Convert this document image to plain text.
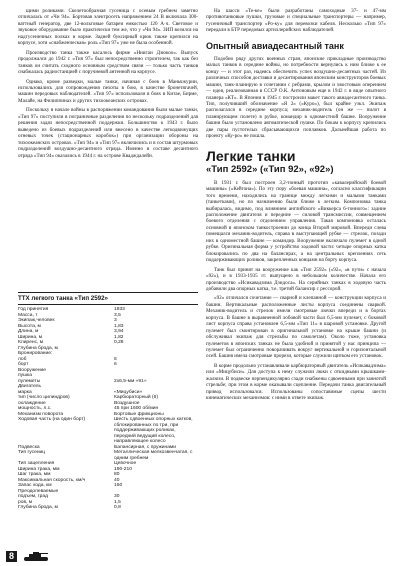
щими роликами. Скелетообразная гусеница с осевым гребнем заметно отличалась от «Чи 94». Бортовая электросеть напряжением 24 В включала 300-ваттный генератор, две 12-вольтовые батареи емкостью 120 А·ч. Световое и звуковое оборудование было практически тем же, что у «Чи 94». ЗИП возился на надгусеничных полках и корме. Задней буксирный крюк также крепился на корпусе, хотя «снабженческая» роль «Тип 97» уже не была особенной.

Производство танка также касалось фирме «Ниигаи Дзюкоо». Выпуск продолжался до 1942 г. «Тип 97» был непосредственно строителем, так как без танков он считать сходного основным средством связи — только часть танков снабжалась радиостанцией с поручневой антенной на корпусе.

Однако, кроме разведки, малые танки, начиная с боев в Маньчжурии, использовались для сопровождения пехоты в бою, в качестве бронетягачей, машин передовых наблюдателей. «Тип 97» использовали в боях в Китае, Бирме, Малайе, на Филиппинах и других тихоокеанских островах.

Поскольку в начале войны в распоряжении командования были малые танки, «Тип 97» поступили в пограничные разделения по нескольку подразделений для решения задач непосредственной поддержки. Большинство к 1943 г. было выведено из боевых подразделений или внесено в качестве легкодвижущих огневых точек (стационарных коробок») при организации обороны на тихоокеанских островах. «Тип 94» и «Тип 97» включились и в состав штурмовых подразделений воздушно-десантного отряда. Именно в составе десантного отряда «Тип 94» оказались в 1944 г. на острове Квадждалейн.

ТТХ легкого танка «Тип 2592»
Год принятия	1933
Масса, т	3,5
Экипаж,человек	3
Высота, м	1,83
Длина, м	3,94
Ширина, м	1,82
Клиренс, м	0,28
Глубина брода, м	
Бронирование:	
лоб	6
борт	6
Вооружение	
пушка	
пулеметы	2х6,5-мм «91»
Двигатель	
марка	«Мицубиси»
тип (число цилиндров)	Карбюраторный (6)
охлаждение	Воздушное
мощность, л.с.	45 при 1600 об/мин
Механизм поворота	Бортовые фрикционы
Ходовая часть (на один борт)	Шесть сдвоенных опорных катков, сблокированных по три, при поддерживающих роликах, передний ведущий колесо, направляющее колесо
Подвеска	Балансирная, с пружинами
Тип гусениц	Металлическая мелкозвенчатая, с одним гребнем
Тип зацепления	Цевочное
Ширина трака, мм	190-210
Шаг трака, мм	80
Максимальная скорость, км/ч	40
Запас хода, км	150
Преодолеваемые	
подъем, град	30
ров, м	1,5
Глубина брода, м	0,8

На шасси «Те-ке» были разработаны самоходные 37- и 47-мм противотанковые пушки, грузовые и специальные транспортеры — например, гусеничный транспортер «Ро-ку» для перевозки кабеля. Несколько «Тип 97» передали в БТР передовых артиллерийских наблюдателей.

Опытный авиадесантный танк

Подобно ряду других военных стран, японские прикладные производство малых танков в середине войны, но потребности вернулись к ним ближе к ее концу — и этот раз, надеясь обеспечить успех воздушно-десантных частей. Из различных способов доставки и десантирования японским конструкторов боевых машин, танк-планирую в сочетании с ребрами, крылом и хвостовым оперением — идея, реализованная в СССР О.К. Антоновым еще в 1942 г. в виде опытного планера «КТ». В Японии в 1945 г. построили макет такого авиадесантного танка. Тип, получивший обозначение «Я 2» («Куро»), был крайне узкл. Экипаж располагался в середине корпуса; механик-водитель (он же — пилот в планирующем полете) в рубке, командир в одноместной башне. Вооружение башни было установлено автоматической пушке. По бокам к корпусу крепились две пары пустотелых сбрасывающихся поплавков. Дальнейшая работа по проекту «Ку-ро» не пошла.

Легкие танки
«Тип 2592» («Тип 92», «92»)

В 1931 г. был построен 3,2-тонный прототип «кавалерийской боевой машины» («Кейгона»). По эту пору «боевая машина», согласно классификации того времени, находились на границе между легкими и малыми танками (танкетками), но по назначению были ближе к легким. Компоновка танка выбиралась, видимо, под влиянием английского «Виккерса 6-тонного»: задние расположение двигателя и передние — силовой трансмиссии, совмещением боевого отделения с отделением управления. Такая компоновка осталась основной в японском танкостроении до конца Второй мировой. Впереди слева помещался механик-водитель, справа в выступающей рубке — стрелок, позади них в одноместной башне — командир. Вооружение включало пулемет в одной рубке. Оригинальная форма у устройство ходовой части: четыре опорных катка блокировались по два на балансирах, а на центральных креплениях сеть поддерживающих роликов, закрепленных концами на борту корпуса.

Танк был принят на вооружение как «Тип 2592» («92», «в пути» с начала «92»), и в 1933-1935 гг. выпущено в небольшом количестве. Начала его производство «Исикавадзима Дзидоса». На серийных танках в ходовую часть добавили два опорных катка, т.е. третий балансир с рессорой.

«92» отличался сочетание — сварной и клепанной — конструкции корпуса и башни. Вертикальные расположенные листы корпуса соединены сваркой. Механик-водитель и стрелок имели смотровые лючки впереди и в бортах корпуса. В башне в выравненной лобовой части был 6,5-мм пулемет, с боковой лист корпуса справа установлен 6,5-мм «Тип 11» в шаровой установке. Другой пулемет был смонтирован в оригинальной установке на крыше башни (и обслуживал экипаж для стрельбы по самолетам). Около тоже, установка пулеметов в японских танках не была удобной и принятой у нас принципа — пулемет был ограниченно поворачивать вокруг вертикальной и горизонтальной осей. Башня имела смотровые прорези, которые служили щитком его установок.

В корме продольно устанавливали карбюраторный двигатель «Исикавадзима» или «Мицубиси». Для доступа к нему служили люки с откидными крышками-жалюзи. В подвеске перпендикулярно сзади снабжены сдвоенными при заннотой стрельбе; при этом в корме оказывали сцепление. Передачи танка двигательный привод использовался. Использованы сопоставимые сцепы шести кинематических механизмов: с ними в ответе экипаж.

8
